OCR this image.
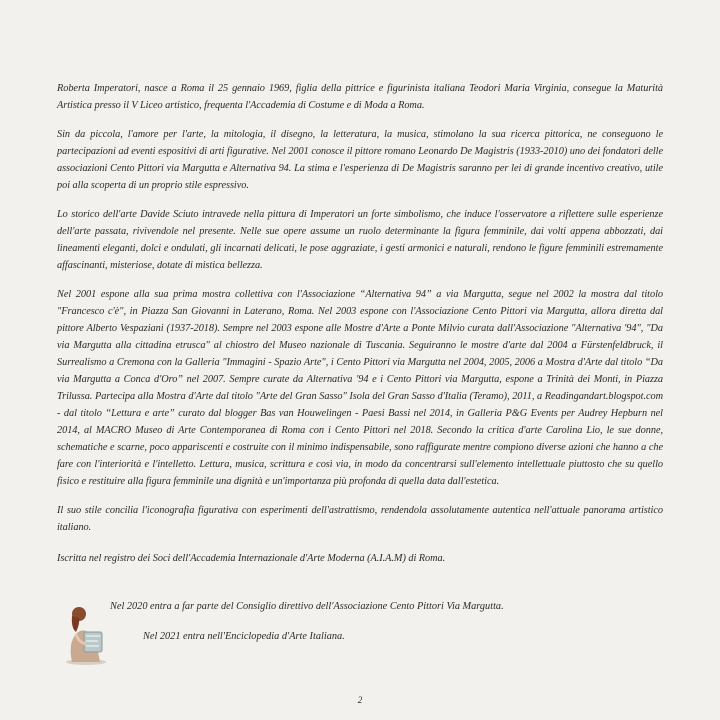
Roberta Imperatori, nasce a Roma il 25 gennaio 1969, figlia della pittrice e figurinista italiana Teodori Maria Virginia, consegue la Maturità Artistica presso il V Liceo artistico, frequenta l'Accademia di Costume e di Moda a Roma.

Sin da piccola, l'amore per l'arte, la mitologia, il disegno, la letteratura, la musica, stimolano la sua ricerca pittorica, ne conseguono le partecipazioni ad eventi espositivi di arti figurative. Nel 2001 conosce il pittore romano Leonardo De Magistris (1933-2010) uno dei fondatori delle associazioni Cento Pittori via Margutta e Alternativa 94. La stima e l'esperienza di De Magistris saranno per lei di grande incentivo creativo, utile poi alla scoperta di un proprio stile espressivo.

Lo storico dell'arte Davide Sciuto intravede nella pittura di Imperatori un forte simbolismo, che induce l'osservatore a riflettere sulle esperienze dell'arte passata, rivivendole nel presente. Nelle sue opere assume un ruolo determinante la figura femminile, dai volti appena abbozzati, dai lineamenti eleganti, dolci e ondulati, gli incarnati delicati, le pose aggraziate, i gesti armonici e naturali, rendono le figure femminili estremamente affascinanti, misteriose, dotate di mistica bellezza.

Nel 2001 espone alla sua prima mostra collettiva con l'Associazione “Alternativa 94” a via Margutta, segue nel 2002 la mostra dal titolo "Francesco c'è", in Piazza San Giovanni in Laterano, Roma. Nel 2003 espone con l'Associazione Cento Pittori via Margutta, allora diretta dal pittore Alberto Vespaziani (1937-2018). Sempre nel 2003 espone alle Mostre d'Arte a Ponte Milvio curata dall'Associazione "Alternativa '94", "Da via Margutta alla cittadina etrusca" al chiostro del Museo nazionale di Tuscania. Seguiranno le mostre d'arte dal 2004 a Fürstenfeldbruck, il Surrealismo a Cremona con la Galleria "Immagini - Spazio Arte", i Cento Pittori via Margutta nel 2004, 2005, 2006 a Mostra d'Arte dal titolo “Da via Margutta a Conca d'Oro” nel 2007. Sempre curate da Alternativa '94 e i Cento Pittori via Margutta, espone a Trinità dei Monti, in Piazza Trilussa. Partecipa alla Mostra d'Arte dal titolo "Arte del Gran Sasso" Isola del Gran Sasso d'Italia (Teramo), 2011, a Readingandart.blogspot.com - dal titolo “Lettura e arte” curato dal blogger Bas van Houwelingen - Paesi Bassi nel 2014, in Galleria P&G Events per Audrey Hepburn nel 2014, al MACRO Museo di Arte Contemporanea di Roma con i Cento Pittori nel 2018. Secondo la critica d'arte Carolina Lio, le sue donne, schematiche e scarne, poco appariscenti e costruite con il minimo indispensabile, sono raffigurate mentre compiono diverse azioni che hanno a che fare con l'interiorità e l'intelletto. Lettura, musica, scrittura e così via, in modo da concentrarsi sull'elemento intellettuale piuttosto che su quello fisico e restituire alla figura femminile una dignità e un'importanza più profonda di quella data dall'estetica.

Il suo stile concilia l'iconografia figurativa con esperimenti dell'astrattismo, rendendola assolutamente autentica nell'attuale panorama artistico italiano.

Iscritta nel registro dei Soci dell'Accademia Internazionale d'Arte Moderna (A.I.A.M) di Roma.

Nel 2020 entra a far parte del Consiglio direttivo dell'Associazione Cento Pittori Via Margutta.
Nel 2021 entra nell'Enciclopedia d'Arte Italiana.
2
